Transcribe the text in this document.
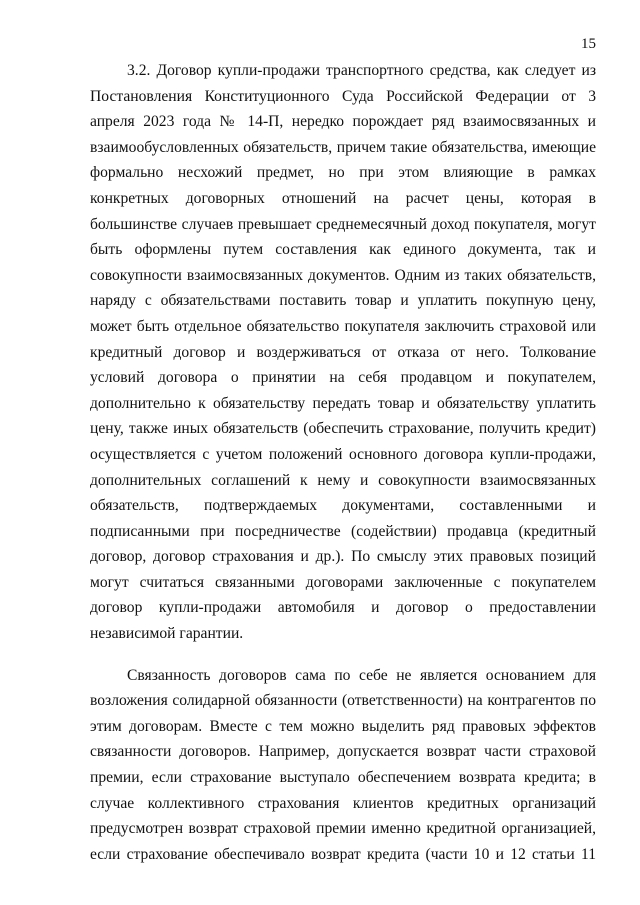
15
3.2. Договор купли-продажи транспортного средства, как следует из
Постановления Конституционного Суда Российской Федерации от 3
апреля 2023 года № 14-П, нередко порождает ряд взаимосвязанных и
взаимообусловленных обязательств, причем такие обязательства, имеющие
формально несхожий предмет, но при этом влияющие в рамках
конкретных договорных отношений на расчет цены, которая в
большинстве случаев превышает среднемесячный доход покупателя, могут
быть оформлены путем составления как единого документа, так и
совокупности взаимосвязанных документов. Одним из таких обязательств,
наряду с обязательствами поставить товар и уплатить покупную цену,
может быть отдельное обязательство покупателя заключить страховой или
кредитный договор и воздерживаться от отказа от него. Толкование
условий договора о принятии на себя продавцом и покупателем,
дополнительно к обязательству передать товар и обязательству уплатить
цену, также иных обязательств (обеспечить страхование, получить кредит)
осуществляется с учетом положений основного договора купли-продажи,
дополнительных соглашений к нему и совокупности взаимосвязанных
обязательств, подтверждаемых документами, составленными и
подписанными при посредничестве (содействии) продавца (кредитный
договор, договор страхования и др.). По смыслу этих правовых позиций
могут считаться связанными договорами заключенные с покупателем
договор купли-продажи автомобиля и договор о предоставлении
независимой гарантии.
Связанность договоров сама по себе не является основанием для
возложения солидарной обязанности (ответственности) на контрагентов по
этим договорам. Вместе с тем можно выделить ряд правовых эффектов
связанности договоров. Например, допускается возврат части страховой
премии, если страхование выступало обеспечением возврата кредита; в
случае коллективного страхования клиентов кредитных организаций
предусмотрен возврат страховой премии именно кредитной организацией,
если страхование обеспечивало возврат кредита (части 10 и 12 статьи 11
